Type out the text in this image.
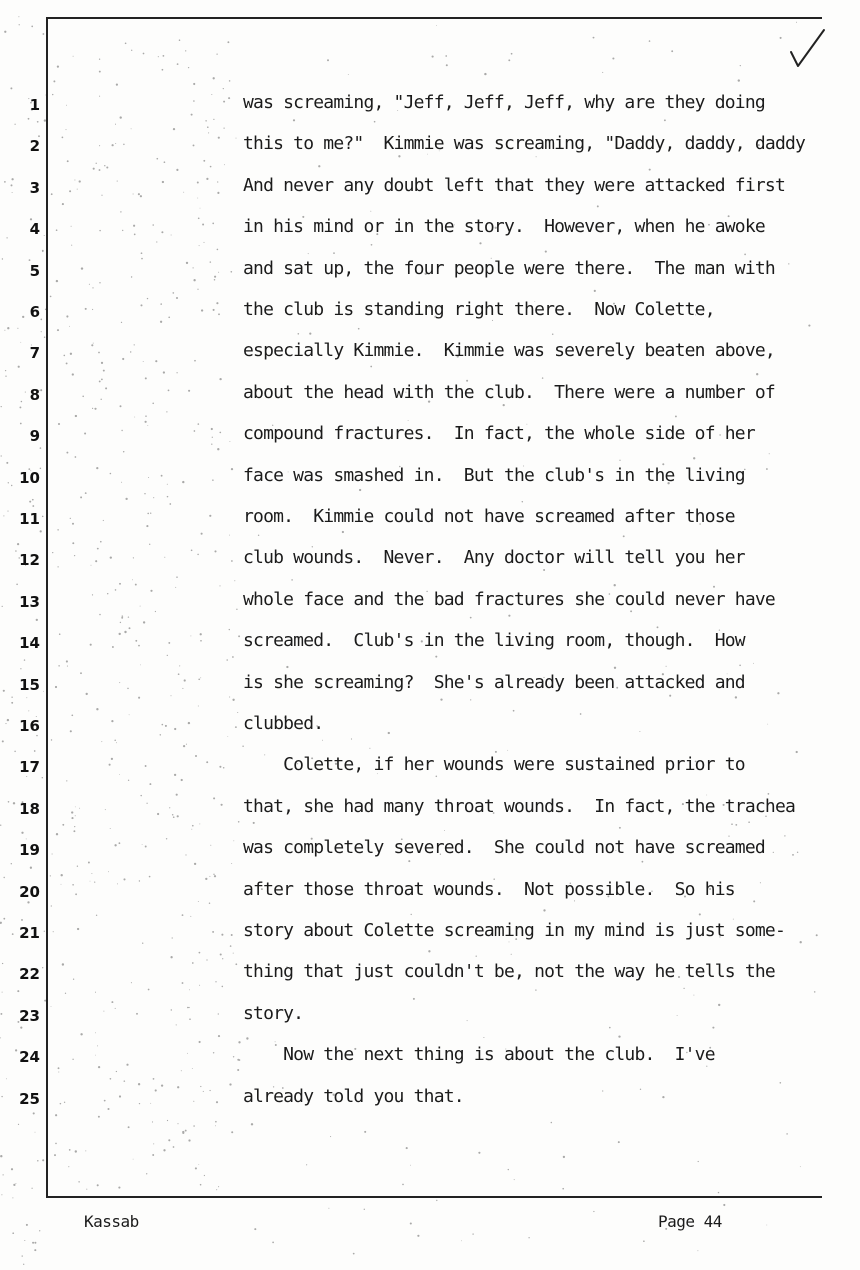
1	was screaming, "Jeff, Jeff, Jeff, why are they doing
2	this to me?"  Kimmie was screaming, "Daddy, daddy, daddy
3	And never any doubt left that they were attacked first
4	in his mind or in the story.  However, when he awoke
5	and sat up, the four people were there.  The man with
6	the club is standing right there.  Now Colette,
7	especially Kimmie.  Kimmie was severely beaten above,
8	about the head with the club.  There were a number of
9	compound fractures.  In fact, the whole side of her
10	face was smashed in.  But the club's in the living
11	room.  Kimmie could not have screamed after those
12	club wounds.  Never.  Any doctor will tell you her
13	whole face and the bad fractures she could never have
14	screamed.  Club's in the living room, though.  How
15	is she screaming?  She's already been attacked and
16	clubbed.
17	Colette, if her wounds were sustained prior to
18	that, she had many throat wounds.  In fact, the trachea
19	was completely severed.  She could not have screamed
20	after those throat wounds.  Not possible.  So his
21	story about Colette screaming in my mind is just some-
22	thing that just couldn't be, not the way he tells the
23	story.
24	Now the next thing is about the club.  I've
25	already told you that.
Kassab	Page 44
